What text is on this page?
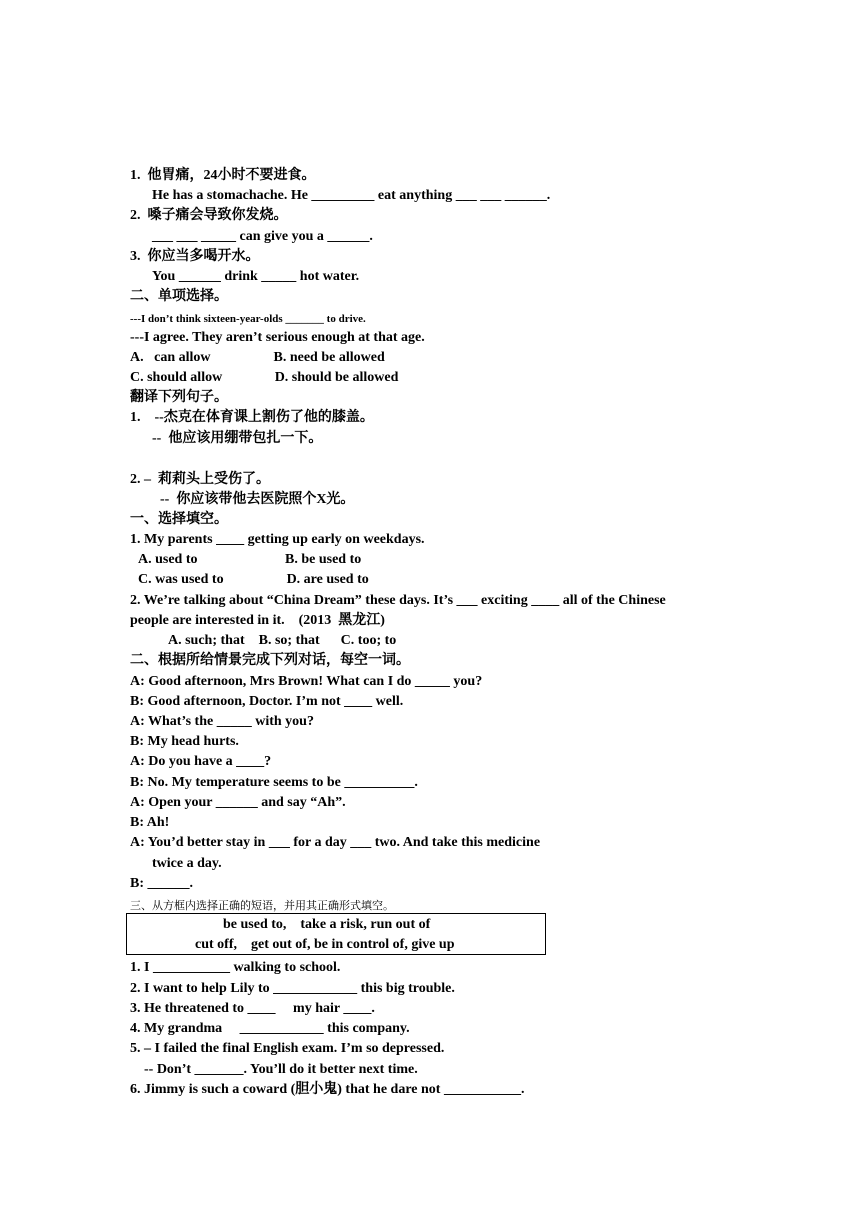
1.  他胃痛，24小时不要进食。
He has a stomachache. He _________ eat anything ___ ___ ______.
2.  嗓子痛会导致你发烧。
___ ___ _____ can give you a ______.
3.  你应当多喝开水。
You ______ drink _____ hot water.
二、单项选择。
---I don’t think sixteen-year-olds _______ to drive.
---I agree. They aren’t serious enough at that age.
A.   can allow                  B. need be allowed
C. should allow               D. should be allowed
翻译下列句子。
1.    --杰克在体育课上割伤了他的膝盖。
--  他应该用绷带包扎一下。
2. –  莉莉头上受伤了。
--  你应该带他去医院照个X光。
一、选择填空。
1. My parents ____ getting up early on weekdays.
A. used to                         B. be used to
C. was used to                  D. are used to
2. We’re talking about “China Dream” these days. It’s ___ exciting ____ all of the Chinese
people are interested in it.    (2013  黑龙江)
A. such; that    B. so; that      C. too; to
二、根据所给情景完成下列对话，每空一词。
A: Good afternoon, Mrs Brown! What can I do _____ you?
B: Good afternoon, Doctor. I’m not ____ well.
A: What’s the _____ with you?
B: My head hurts.
A: Do you have a ____?
B: No. My temperature seems to be __________.
A: Open your ______ and say “Ah”.
B: Ah!
A: You’d better stay in ___ for a day ___ two. And take this medicine
twice a day.
B: ______.
三、从方框内选择正确的短语，并用其正确形式填空。
be used to,    take a risk, run out of
cut off,    get out of, be in control of, give up
1. I ___________ walking to school.
2. I want to help Lily to ____________ this big trouble.
3. He threatened to ____     my hair ____.
4. My grandma     ____________ this company.
5. – I failed the final English exam. I’m so depressed.
-- Don’t _______. You’ll do it better next time.
6. Jimmy is such a coward (胆小鬼) that he dare not ___________.
